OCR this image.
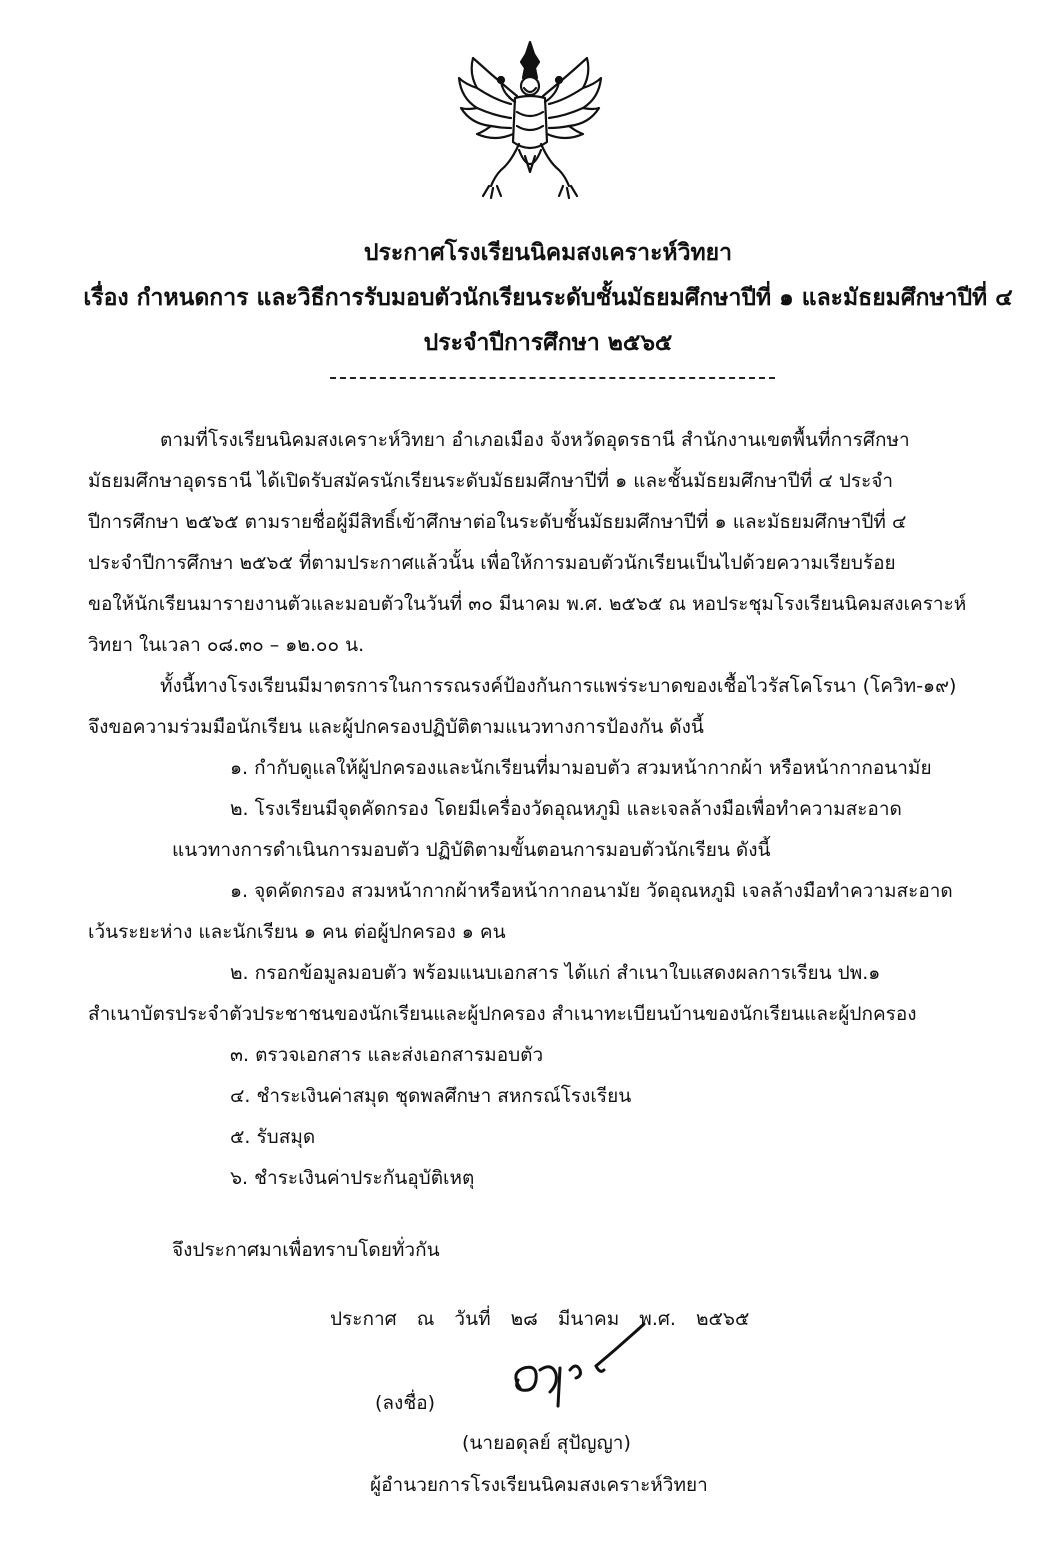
ประกาศโรงเรียนนิคมสงเคราะห์วิทยา
เรื่อง กำหนดการ และวิธีการรับมอบตัวนักเรียนระดับชั้นมัธยมศึกษาปีที่ ๑ และมัธยมศึกษาปีที่ ๔
ประจำปีการศึกษา ๒๕๖๕
ตามที่โรงเรียนนิคมสงเคราะห์วิทยา อำเภอเมือง จังหวัดอุดรธานี สำนักงานเขตพื้นที่การศึกษา
มัธยมศึกษาอุดรธานี ได้เปิดรับสมัครนักเรียนระดับมัธยมศึกษาปีที่ ๑ และชั้นมัธยมศึกษาปีที่ ๔ ประจำ
ปีการศึกษา ๒๕๖๕ ตามรายชื่อผู้มีสิทธิ์เข้าศึกษาต่อในระดับชั้นมัธยมศึกษาปีที่ ๑ และมัธยมศึกษาปีที่ ๔
ประจำปีการศึกษา ๒๕๖๕ ที่ตามประกาศแล้วนั้น เพื่อให้การมอบตัวนักเรียนเป็นไปด้วยความเรียบร้อย
ขอให้นักเรียนมารายงานตัวและมอบตัวในวันที่ ๓๐ มีนาคม พ.ศ. ๒๕๖๕ ณ หอประชุมโรงเรียนนิคมสงเคราะห์
วิทยา ในเวลา ๐๘.๓๐ – ๑๒.๐๐ น.
ทั้งนี้ทางโรงเรียนมีมาตรการในการรณรงค์ป้องกันการแพร่ระบาดของเชื้อไวรัสโคโรนา (โควิท-๑๙)
จึงขอความร่วมมือนักเรียน และผู้ปกครองปฏิบัติตามแนวทางการป้องกัน ดังนี้
๑. กำกับดูแลให้ผู้ปกครองและนักเรียนที่มามอบตัว สวมหน้ากากผ้า หรือหน้ากากอนามัย
๒. โรงเรียนมีจุดคัดกรอง โดยมีเครื่องวัดอุณหภูมิ และเจลล้างมือเพื่อทำความสะอาด
แนวทางการดำเนินการมอบตัว ปฏิบัติตามขั้นตอนการมอบตัวนักเรียน ดังนี้
๑. จุดคัดกรอง สวมหน้ากากผ้าหรือหน้ากากอนามัย วัดอุณหภูมิ เจลล้างมือทำความสะอาด
เว้นระยะห่าง และนักเรียน ๑ คน ต่อผู้ปกครอง ๑ คน
๒. กรอกข้อมูลมอบตัว พร้อมแนบเอกสาร ได้แก่ สำเนาใบแสดงผลการเรียน ปพ.๑
สำเนาบัตรประจำตัวประชาชนของนักเรียนและผู้ปกครอง สำเนาทะเบียนบ้านของนักเรียนและผู้ปกครอง
๓. ตรวจเอกสาร และส่งเอกสารมอบตัว
๔. ชำระเงินค่าสมุด ชุดพลศึกษา สหกรณ์โรงเรียน
๕. รับสมุด
๖. ชำระเงินค่าประกันอุบัติเหตุ
จึงประกาศมาเพื่อทราบโดยทั่วกัน
ประกาศ ณ วันที่ ๒๘ มีนาคม พ.ศ. ๒๕๖๕
(ลงชื่อ)
(นายอดุลย์ สุปัญญา)
ผู้อำนวยการโรงเรียนนิคมสงเคราะห์วิทยา
